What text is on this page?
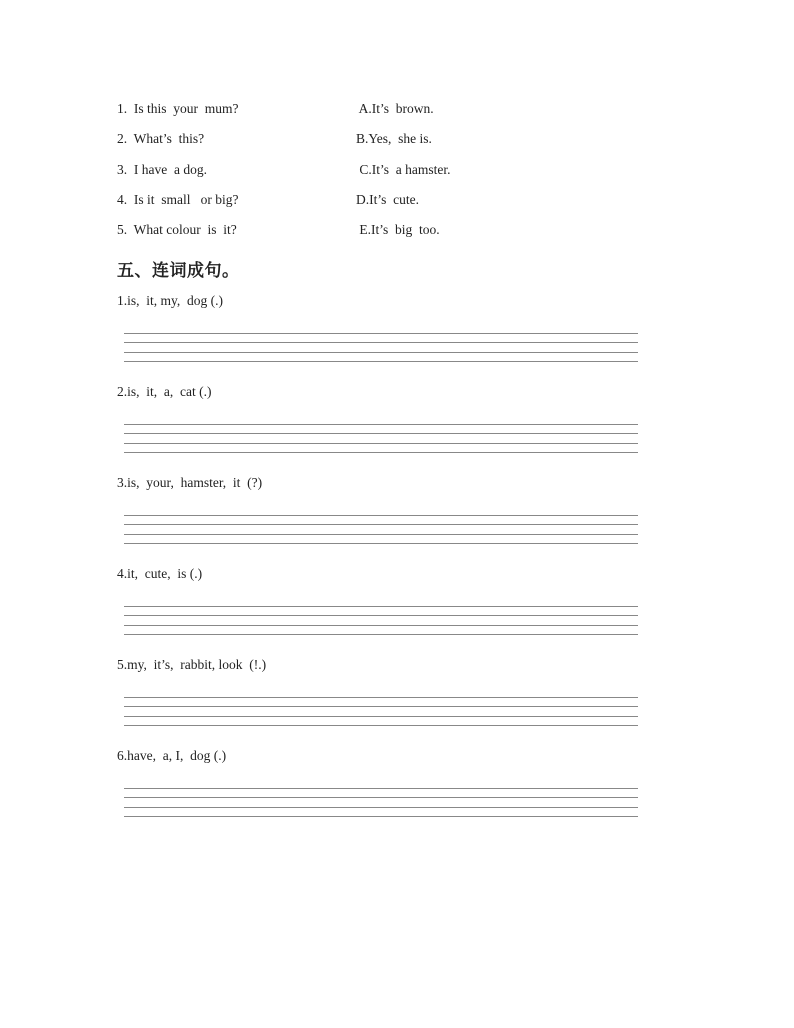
1.  Is this  your  mum?	A.It’s  brown.
2.  What’s  this?	B.Yes,  she is.
3.  I have  a dog.	C.It’s  a hamster.
4.  Is it  small   or big?	D.It’s  cute.
5.  What colour  is  it?	E.It’s  big  too.
五、连词成句。
1.is,  it, my,  dog (.)
2.is,  it,  a,  cat (.)
3.is,  your,  hamster,  it  (?)
4.it,  cute,  is (.)
5.my,  it’s,  rabbit, look  (!.)
6.have,  a, I,  dog (.)
